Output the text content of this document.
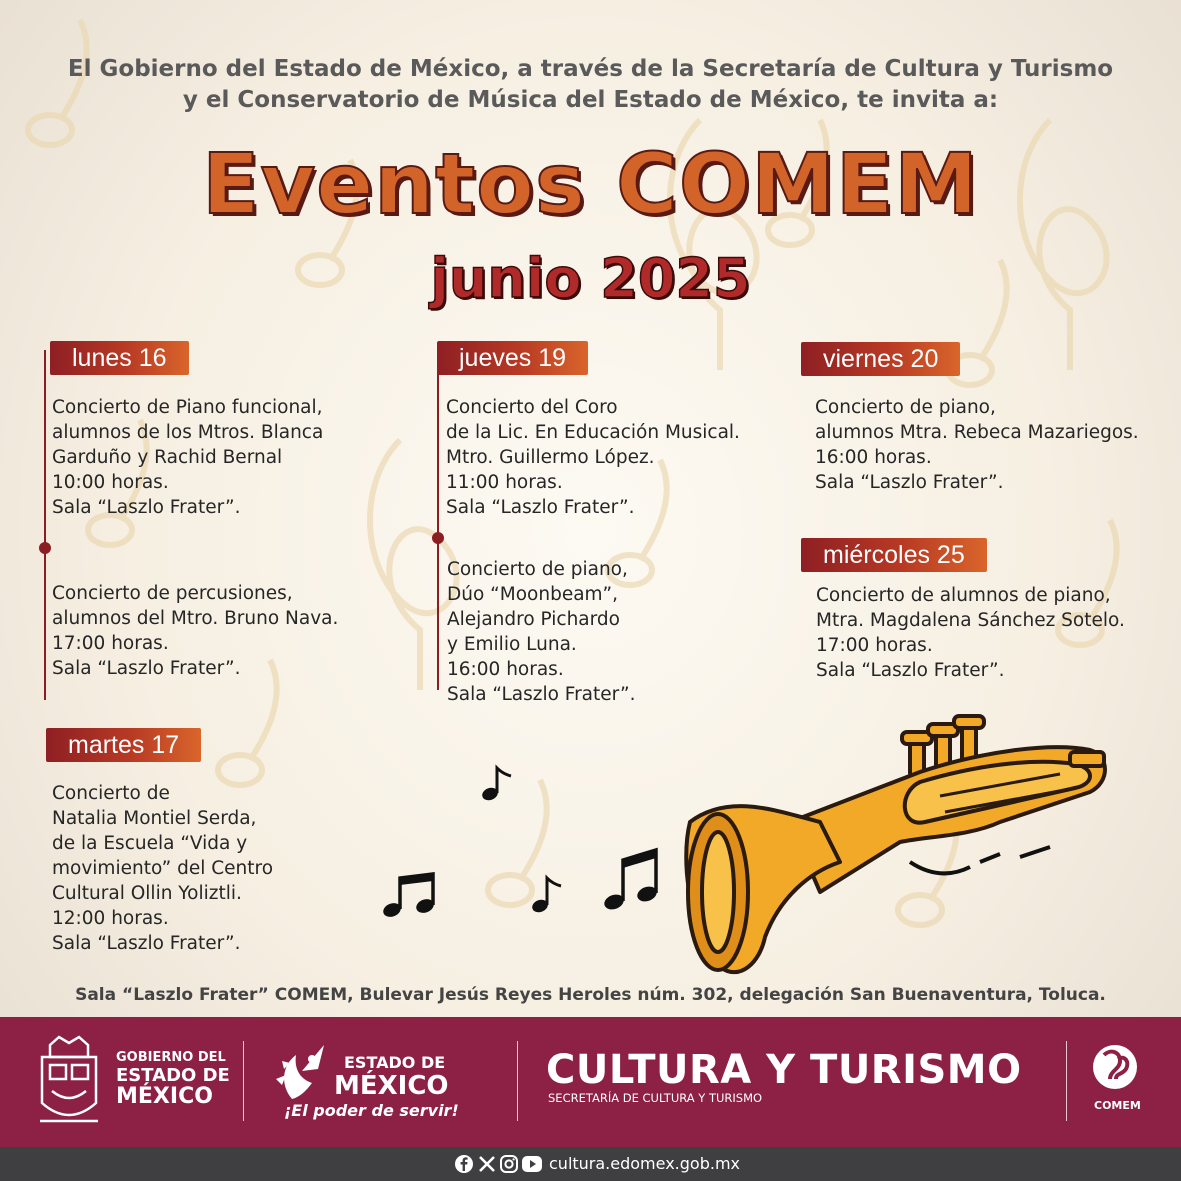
El Gobierno del Estado de México, a través de la Secretaría de Cultura y Turismo
y el Conservatorio de Música del Estado de México, te invita a:
Eventos COMEM
junio 2025
lunes 16
Concierto de Piano funcional,
alumnos de los Mtros. Blanca
Garduño y Rachid Bernal
10:00 horas.
Sala “Laszlo Frater”.
Concierto de percusiones,
alumnos del Mtro. Bruno Nava.
17:00 horas.
Sala “Laszlo Frater”.
martes 17
Concierto de
Natalia Montiel Serda,
de la Escuela “Vida y
movimiento” del Centro
Cultural Ollin Yoliztli.
12:00 horas.
Sala “Laszlo Frater”.
jueves 19
Concierto del Coro
de la Lic. En Educación Musical.
Mtro. Guillermo López.
11:00 horas.
Sala “Laszlo Frater”.
Concierto de piano,
Dúo “Moonbeam”,
Alejandro Pichardo
y Emilio Luna.
16:00 horas.
Sala “Laszlo Frater”.
viernes 20
Concierto de piano,
alumnos Mtra. Rebeca Mazariegos.
16:00 horas.
Sala “Laszlo Frater”.
miércoles 25
Concierto de alumnos de piano,
Mtra. Magdalena Sánchez Sotelo.
17:00 horas.
Sala “Laszlo Frater”.
Sala “Laszlo Frater” COMEM, Bulevar Jesús Reyes Heroles núm. 302, delegación San Buenaventura, Toluca.
GOBIERNO DEL
ESTADO DE
MÉXICO
ESTADO DE
MÉXICO
¡El poder de servir!
CULTURA Y TURISMO
SECRETARÍA DE CULTURA Y TURISMO
COMEM
cultura.edomex.gob.mx
